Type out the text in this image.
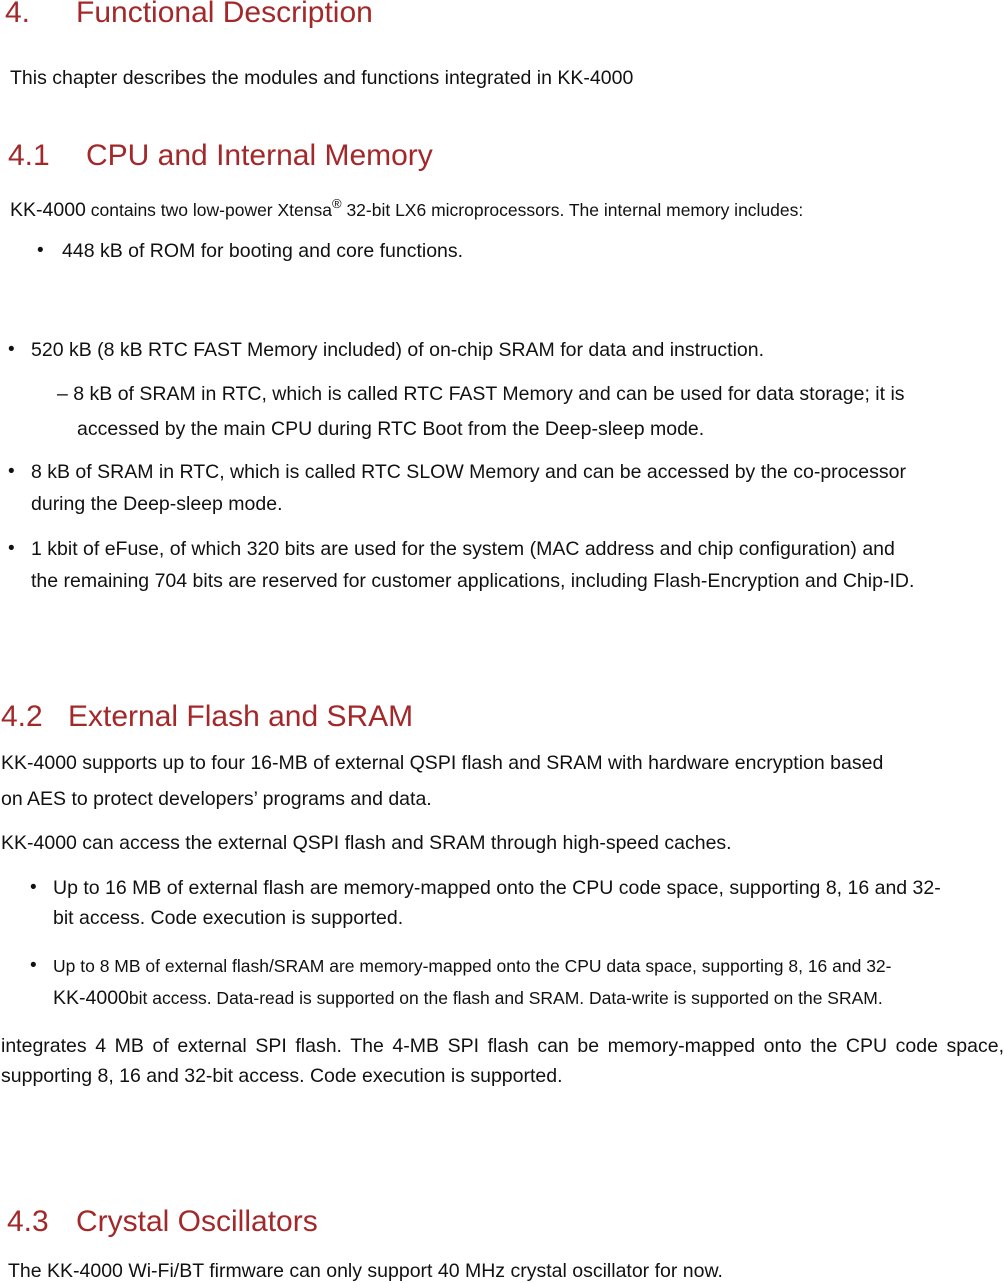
4. Functional Description
This chapter describes the modules and functions integrated in KK-4000
4.1 CPU and Internal Memory
KK-4000 contains two low-power Xtensa® 32-bit LX6 microprocessors. The internal memory includes:
• 448 kB of ROM for booting and core functions.
• 520 kB (8 kB RTC FAST Memory included) of on-chip SRAM for data and instruction.
– 8 kB of SRAM in RTC, which is called RTC FAST Memory and can be used for data storage; it is
accessed by the main CPU during RTC Boot from the Deep-sleep mode.
• 8 kB of SRAM in RTC, which is called RTC SLOW Memory and can be accessed by the co-processor
during the Deep-sleep mode.
• 1 kbit of eFuse, of which 320 bits are used for the system (MAC address and chip configuration) and
the remaining 704 bits are reserved for customer applications, including Flash-Encryption and Chip-ID.
4.2 External Flash and SRAM
KK-4000 supports up to four 16-MB of external QSPI flash and SRAM with hardware encryption based
on AES to protect developers’ programs and data.
KK-4000 can access the external QSPI flash and SRAM through high-speed caches.
• Up to 16 MB of external flash are memory-mapped onto the CPU code space, supporting 8, 16 and 32-
bit access. Code execution is supported.
• Up to 8 MB of external flash/SRAM are memory-mapped onto the CPU data space, supporting 8, 16 and 32-
KK-4000bit access. Data-read is supported on the flash and SRAM. Data-write is supported on the SRAM.
integrates 4 MB of external SPI flash. The 4-MB SPI flash can be memory-mapped onto the CPU code space, supporting 8, 16 and 32-bit access. Code execution is supported.
4.3 Crystal Oscillators
The KK-4000 Wi-Fi/BT firmware can only support 40 MHz crystal oscillator for now.
